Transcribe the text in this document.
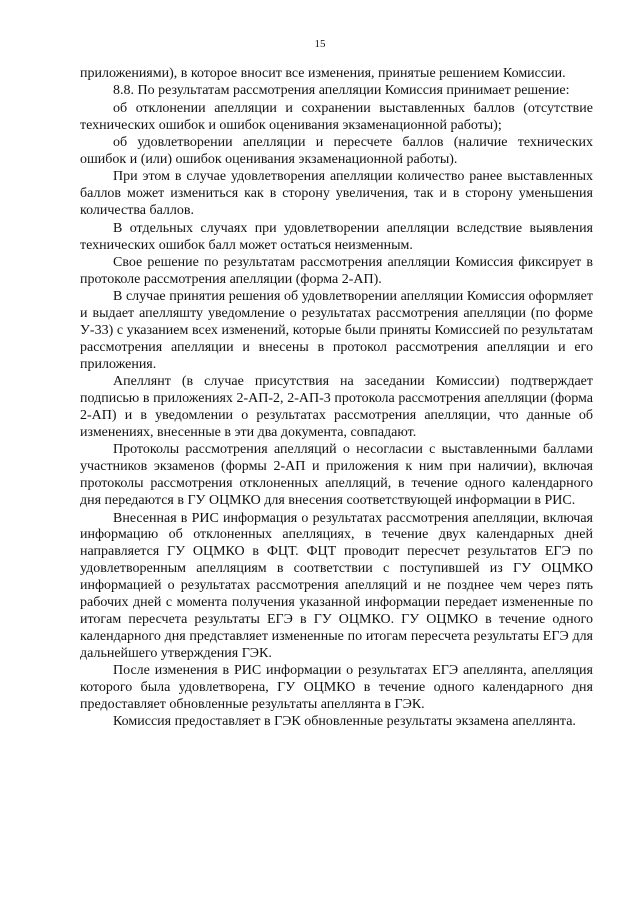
15

приложениями), в которое вносит все изменения, принятые решением Комиссии.

8.8. По результатам рассмотрения апелляции Комиссия принимает решение:

об отклонении апелляции и сохранении выставленных баллов (отсутствие технических ошибок и ошибок оценивания экзаменационной работы);

об удовлетворении апелляции и пересчете баллов (наличие технических ошибок и (или) ошибок оценивания экзаменационной работы).

При этом в случае удовлетворения апелляции количество ранее выставленных баллов может измениться как в сторону увеличения, так и в сторону уменьшения количества баллов.

В отдельных случаях при удовлетворении апелляции вследствие выявления технических ошибок балл может остаться неизменным.

Свое решение по результатам рассмотрения апелляции Комиссия фиксирует в протоколе рассмотрения апелляции (форма 2-АП).

В случае принятия решения об удовлетворении апелляции Комиссия оформляет и выдает апелляшту уведомление о результатах рассмотрения апелляции (по форме У-33) с указанием всех изменений, которые были приняты Комиссией по результатам рассмотрения апелляции и внесены в протокол рассмотрения апелляции и его приложения.

Апеллянт (в случае присутствия на заседании Комиссии) подтверждает подписью в приложениях 2-АП-2, 2-АП-3 протокола рассмотрения апелляции (форма 2-АП) и в уведомлении о результатах рассмотрения апелляции, что данные об изменениях, внесенные в эти два документа, совпадают.

Протоколы рассмотрения апелляций о несогласии с выставленными баллами участников экзаменов (формы 2-АП и приложения к ним при наличии), включая протоколы рассмотрения отклоненных апелляций, в течение одного календарного дня передаются в ГУ ОЦМКО для внесения соответствующей информации в РИС.

Внесенная в РИС информация о результатах рассмотрения апелляции, включая информацию об отклоненных апелляциях, в течение двух календарных дней направляется ГУ ОЦМКО в ФЦТ. ФЦТ проводит пересчет результатов ЕГЭ по удовлетворенным апелляциям в соответствии с поступившей из ГУ ОЦМКО информацией о результатах рассмотрения апелляций и не позднее чем через пять рабочих дней с момента получения указанной информации передает измененные по итогам пересчета результаты ЕГЭ в ГУ ОЦМКО. ГУ ОЦМКО в течение одного календарного дня представляет измененные по итогам пересчета результаты ЕГЭ для дальнейшего утверждения ГЭК.

После изменения в РИС информации о результатах ЕГЭ апеллянта, апелляция которого была удовлетворена, ГУ ОЦМКО в течение одного календарного дня предоставляет обновленные результаты апеллянта в ГЭК.

Комиссия предоставляет в ГЭК обновленные результаты экзамена апеллянта.
